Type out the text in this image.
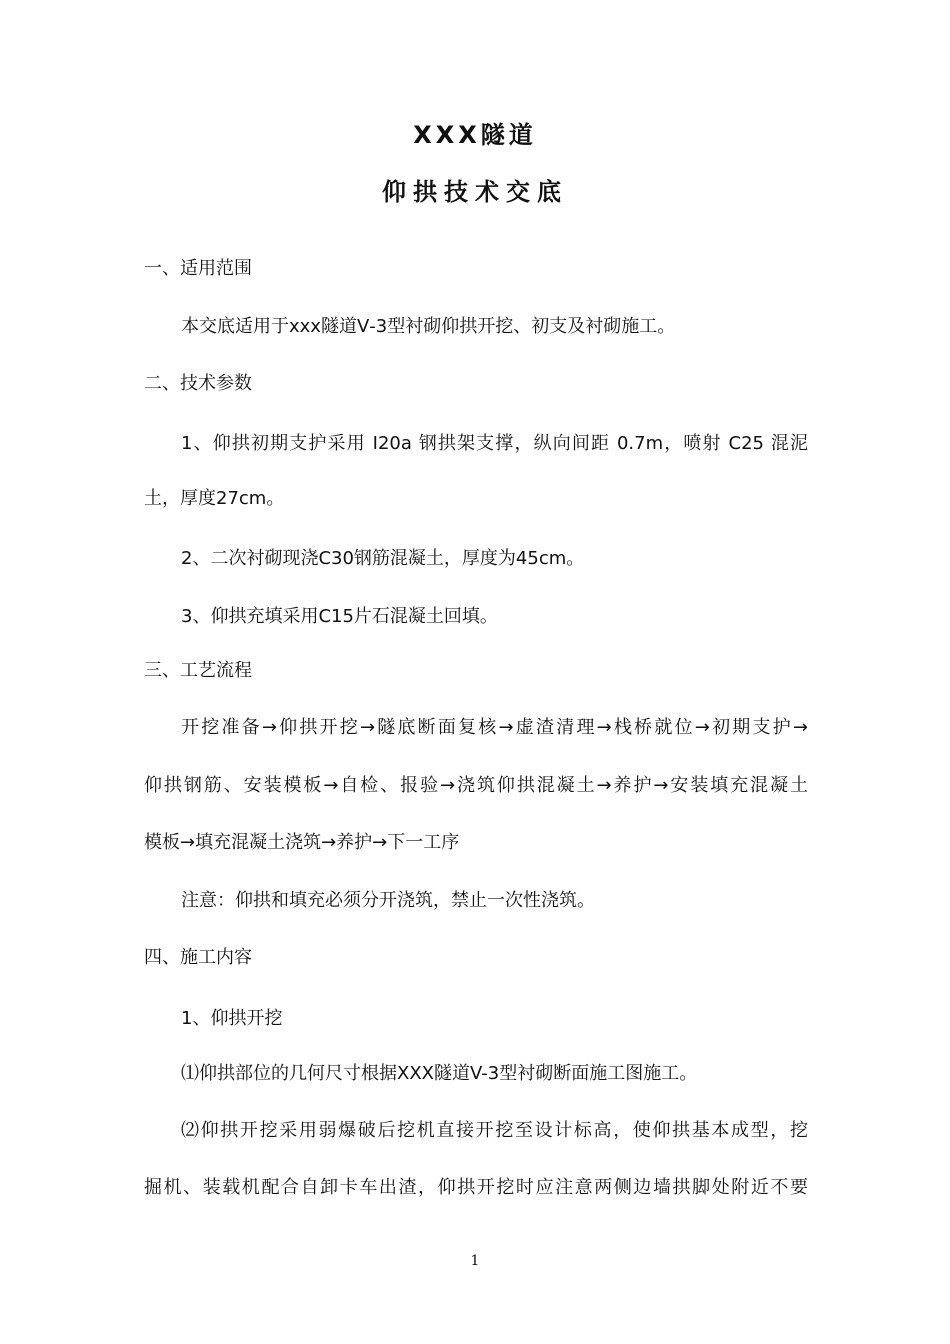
XXX隧道
仰拱技术交底

一、适用范围

本交底适用于xxx隧道Ⅴ-3型衬砌仰拱开挖、初支及衬砌施工。

二、技术参数

1、仰拱初期支护采用 I20a 钢拱架支撑，纵向间距 0.7m，喷射 C25 混泥

土，厚度27cm。

2、二次衬砌现浇C30钢筋混凝土，厚度为45cm。

3、仰拱充填采用C15片石混凝土回填。

三、工艺流程

开挖准备→仰拱开挖→隧底断面复核→虚渣清理→栈桥就位→初期支护→

仰拱钢筋、安装模板→自检、报验→浇筑仰拱混凝土→养护→安装填充混凝土

模板→填充混凝土浇筑→养护→下一工序

注意：仰拱和填充必须分开浇筑，禁止一次性浇筑。

四、施工内容

1、仰拱开挖

⑴仰拱部位的几何尺寸根据XXX隧道V-3型衬砌断面施工图施工。

⑵仰拱开挖采用弱爆破后挖机直接开挖至设计标高，使仰拱基本成型，挖

掘机、装载机配合自卸卡车出渣，仰拱开挖时应注意两侧边墙拱脚处附近不要

1
